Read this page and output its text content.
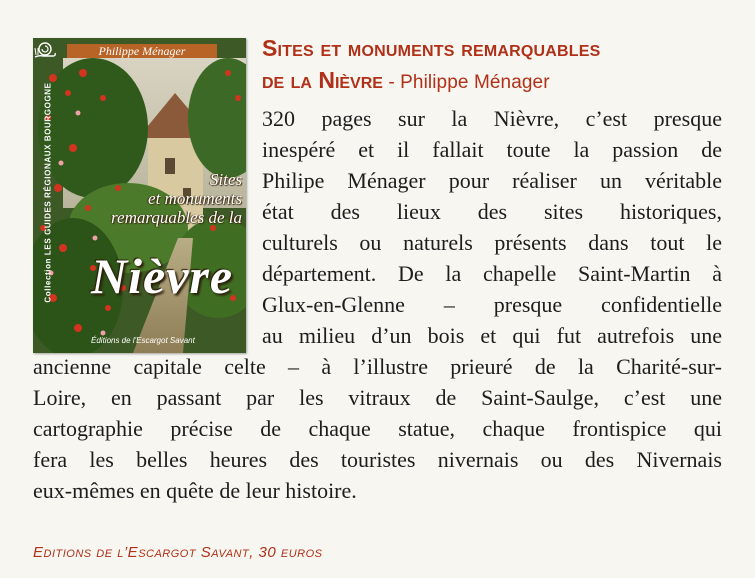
Philippe Ménager
Collection LES GUIDES RÉGIONAUX BOURGOGNE	Sites
et monuments
remarquables de la
Nièvre
Éditions de l'Escargot Savant
Sites et monuments remarquables
de la Nièvre - Philippe Ménager
320 pages sur la Nièvre, c’est presque
inespéré et il fallait toute la passion de
Philipe Ménager pour réaliser un véritable
état des lieux des sites historiques,
culturels ou naturels présents dans tout le
département. De la chapelle Saint-Martin à
Glux-en-Glenne – presque confidentielle
au milieu d’un bois et qui fut autrefois une
ancienne capitale celte – à l’illustre prieuré de la Charité-sur-
Loire, en passant par les vitraux de Saint-Saulge, c’est une
cartographie précise de chaque statue, chaque frontispice qui
fera les belles heures des touristes nivernais ou des Nivernais
eux-mêmes en quête de leur histoire.
Editions de l’Escargot Savant, 30 euros
